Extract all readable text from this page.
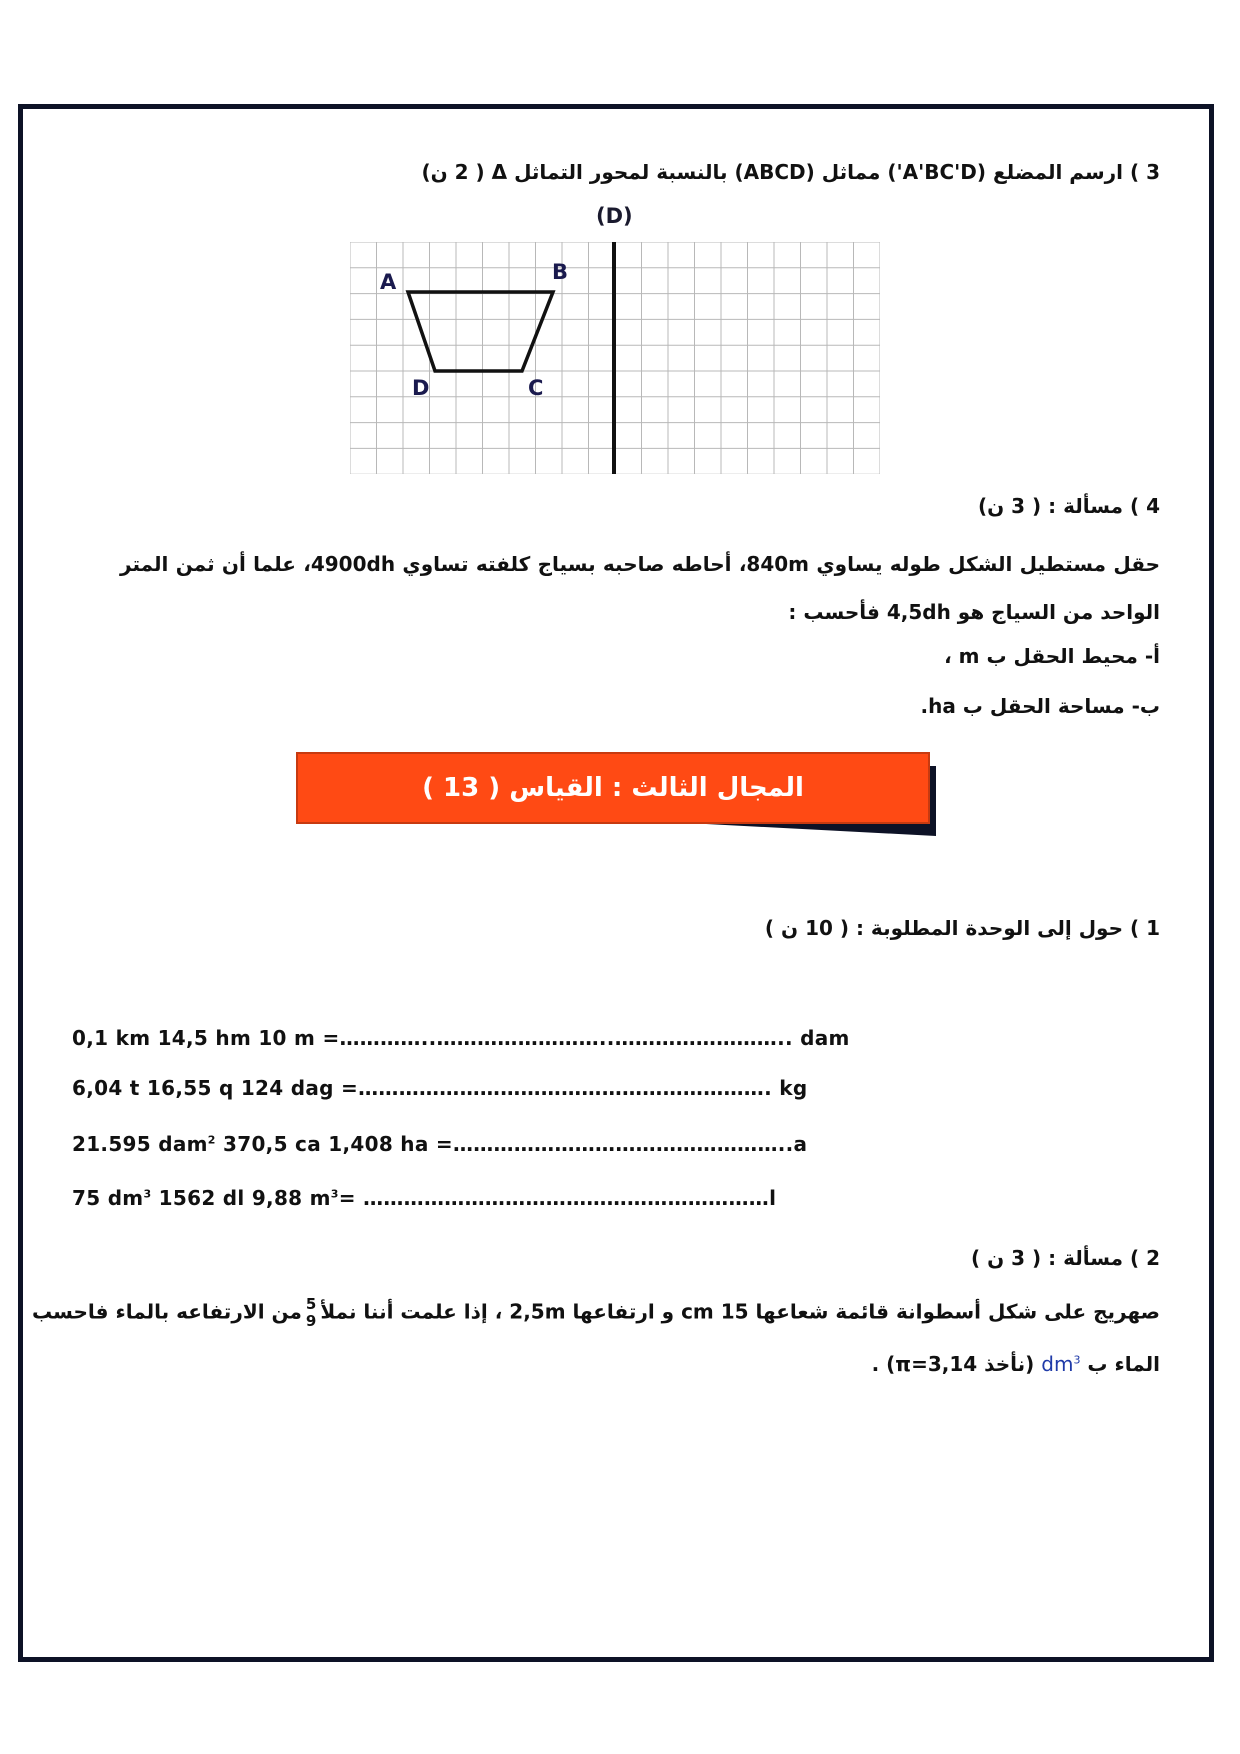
3 ) ارسم المضلع (A'BC'D') مماثل (ABCD) بالنسبة لمحور التماثل Δ ( 2 ن)
(D)
A	B
C
D
4 ) مسألة : ( 3 ن)
حقل مستطيل الشكل طوله يساوي 840m، أحاطه صاحبه بسياج كلفته تساوي 4900dh، علما أن ثمن المتر الواحد من السياج هو 4,5dh فأحسب :
أ- محيط الحقل ب m ،
ب- مساحة الحقل ب ha.
المجال الثالث : القياس ( 13 )
1 ) حول إلى الوحدة المطلوبة : ( 10 ن )
0,1 km 14,5 hm 10 m =…………..……………………..…………………….. dam
6,04 t 16,55 q 124 dag =……………………………………………………. kg
21.595 dam$^2$ 370,5 ca 1,408 ha =…………………………………………..a
75 $dm^3$ 1562 dl 9,88 $m^3=$ ……………………………………………………l
2 ) مسألة : ( 3 ن )
صهريج على شكل أسطوانة قائمة شعاعها 15 cm و ارتفاعها 2,5m ، إذا علمت أننا نملأ
5
9
من الارتفاعه بالماء فاحسب
الماء ب $dm^3$ (نأخذ π=3,14) .
